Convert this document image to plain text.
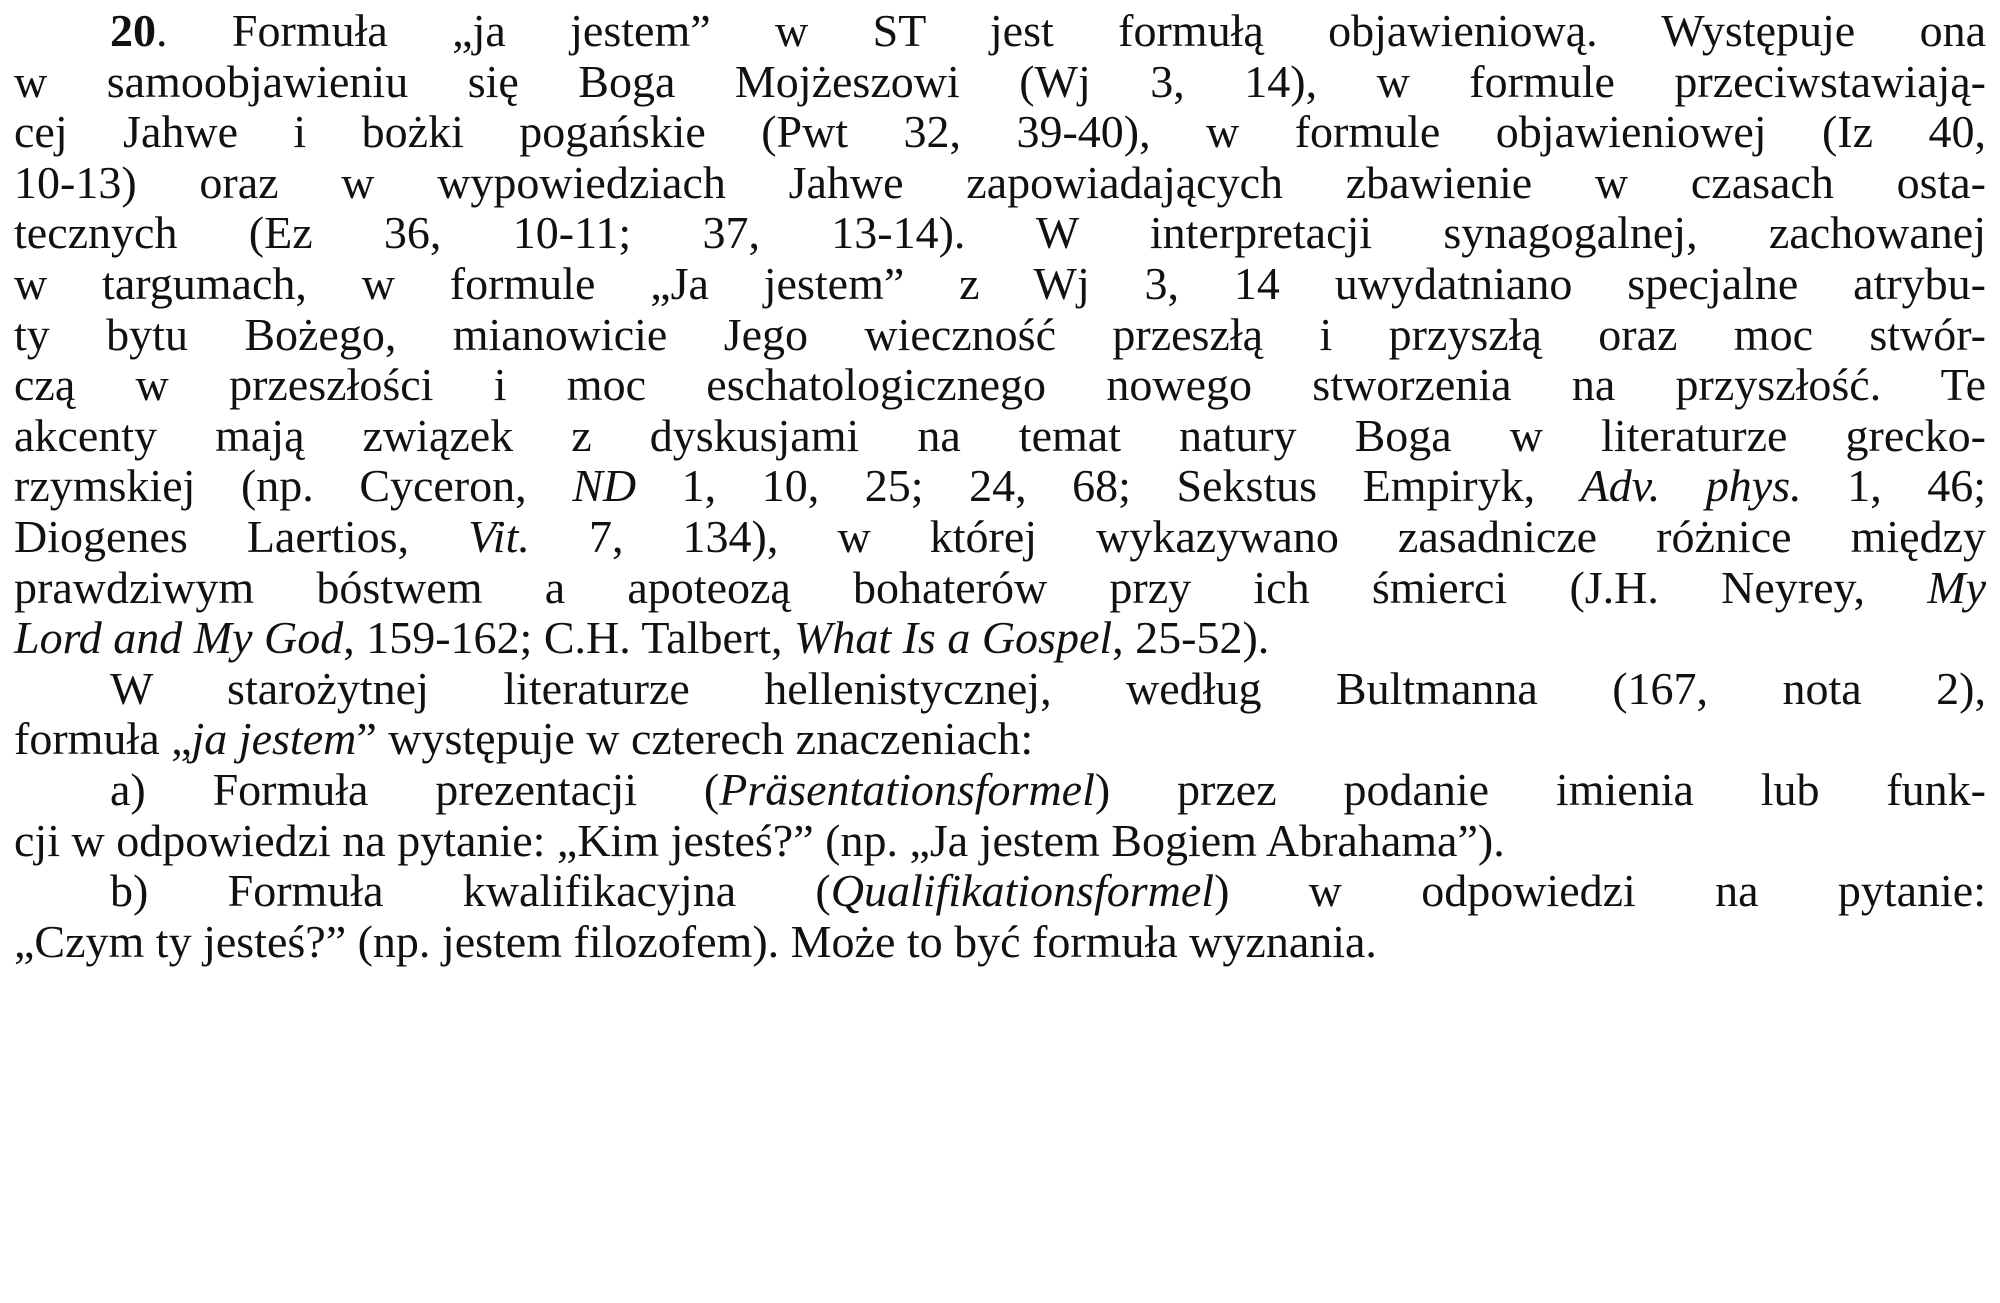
20. Formuła „ja jestem” w ST jest formułą objawieniową. Występuje ona
w samoobjawieniu się Boga Mojżeszowi (Wj 3, 14), w formule przeciwstawiają-
cej Jahwe i bożki pogańskie (Pwt 32, 39-40), w formule objawieniowej (Iz 40,
10-13) oraz w wypowiedziach Jahwe zapowiadających zbawienie w czasach osta-
tecznych (Ez 36, 10-11; 37, 13-14). W interpretacji synagogalnej, zachowanej
w targumach, w formule „Ja jestem” z Wj 3, 14 uwydatniano specjalne atrybu-
ty bytu Bożego, mianowicie Jego wieczność przeszłą i przyszłą oraz moc stwór-
czą w przeszłości i moc eschatologicznego nowego stworzenia na przyszłość. Te
akcenty mają związek z dyskusjami na temat natury Boga w literaturze grecko-
rzymskiej (np. Cyceron, ND 1, 10, 25; 24, 68; Sekstus Empiryk, Adv. phys. 1, 46;
Diogenes Laertios, Vit. 7, 134), w której wykazywano zasadnicze różnice między
prawdziwym bóstwem a apoteozą bohaterów przy ich śmierci (J.H. Neyrey, My
Lord and My God, 159-162; C.H. Talbert, What Is a Gospel, 25-52).
W starożytnej literaturze hellenistycznej, według Bultmanna (167, nota 2),
formuła „ja jestem” występuje w czterech znaczeniach:
a) Formuła prezentacji (Präsentationsformel) przez podanie imienia lub funk-
cji w odpowiedzi na pytanie: „Kim jesteś?” (np. „Ja jestem Bogiem Abrahama”).
b) Formuła kwalifikacyjna (Qualifikationsformel) w odpowiedzi na pytanie:
„Czym ty jesteś?” (np. jestem filozofem). Może to być formuła wyznania.
